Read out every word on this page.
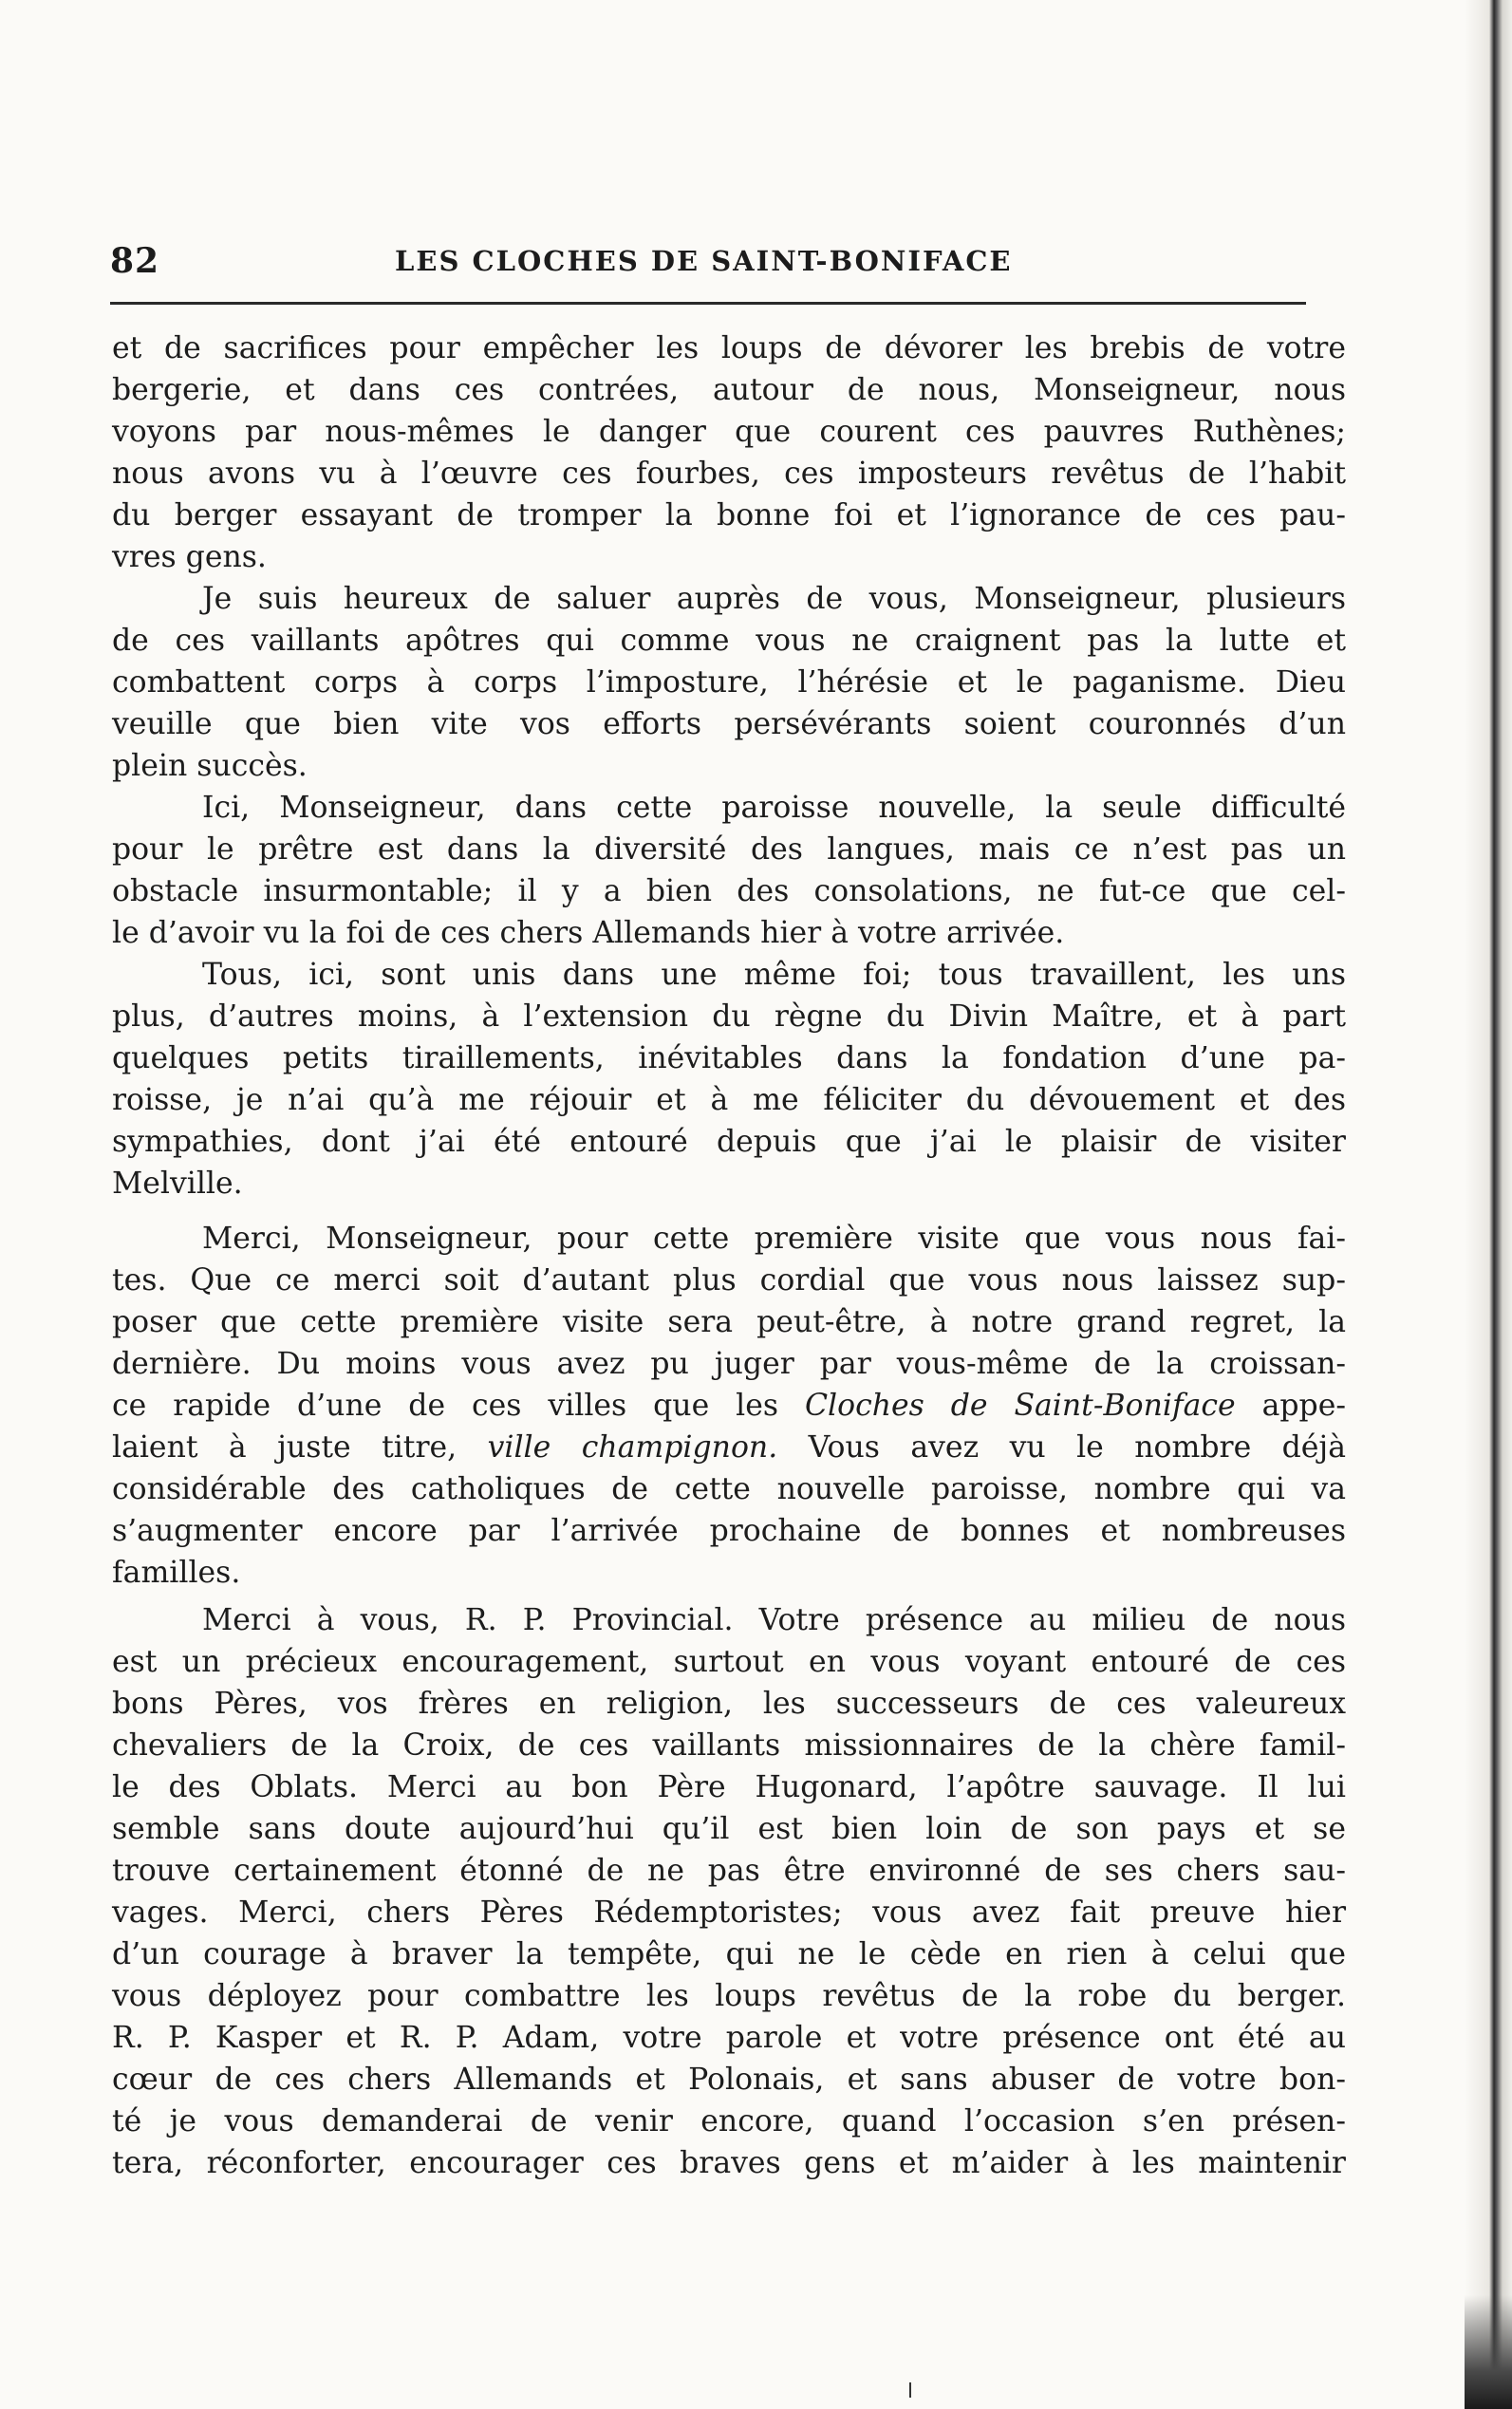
82	LES CLOCHES DE SAINT-BONIFACE
et de sacrifices pour empêcher les loups de dévorer les brebis de votre
bergerie, et dans ces contrées, autour de nous, Monseigneur, nous
voyons par nous-mêmes le danger que courent ces pauvres Ruthènes;
nous avons vu à l’œuvre ces fourbes, ces imposteurs revêtus de l’habit
du berger essayant de tromper la bonne foi et l’ignorance de ces pau-
vres gens.
Je suis heureux de saluer auprès de vous, Monseigneur, plusieurs
de ces vaillants apôtres qui comme vous ne craignent pas la lutte et
combattent corps à corps l’imposture, l’hérésie et le paganisme. Dieu
veuille que bien vite vos efforts persévérants soient couronnés d’un
plein succès.
Ici, Monseigneur, dans cette paroisse nouvelle, la seule difficulté
pour le prêtre est dans la diversité des langues, mais ce n’est pas un
obstacle insurmontable; il y a bien des consolations, ne fut-ce que cel-
le d’avoir vu la foi de ces chers Allemands hier à votre arrivée.
Tous, ici, sont unis dans une même foi; tous travaillent, les uns
plus, d’autres moins, à l’extension du règne du Divin Maître, et à part
quelques petits tiraillements, inévitables dans la fondation d’une pa-
roisse, je n’ai qu’à me réjouir et à me féliciter du dévouement et des
sympathies, dont j’ai été entouré depuis que j’ai le plaisir de visiter
Melville.
Merci, Monseigneur, pour cette première visite que vous nous fai-
tes. Que ce merci soit d’autant plus cordial que vous nous laissez sup-
poser que cette première visite sera peut-être, à notre grand regret, la
dernière. Du moins vous avez pu juger par vous-même de la croissan-
ce rapide d’une de ces villes que les Cloches de Saint-Boniface appe-
laient à juste titre, ville champignon. Vous avez vu le nombre déjà
considérable des catholiques de cette nouvelle paroisse, nombre qui va
s’augmenter encore par l’arrivée prochaine de bonnes et nombreuses
familles.
Merci à vous, R. P. Provincial. Votre présence au milieu de nous
est un précieux encouragement, surtout en vous voyant entouré de ces
bons Pères, vos frères en religion, les successeurs de ces valeureux
chevaliers de la Croix, de ces vaillants missionnaires de la chère famil-
le des Oblats. Merci au bon Père Hugonard, l’apôtre sauvage. Il lui
semble sans doute aujourd’hui qu’il est bien loin de son pays et se
trouve certainement étonné de ne pas être environné de ses chers sau-
vages. Merci, chers Pères Rédemptoristes; vous avez fait preuve hier
d’un courage à braver la tempête, qui ne le cède en rien à celui que
vous déployez pour combattre les loups revêtus de la robe du berger.
R. P. Kasper et R. P. Adam, votre parole et votre présence ont été au
cœur de ces chers Allemands et Polonais, et sans abuser de votre bon-
té je vous demanderai de venir encore, quand l’occasion s’en présen-
tera, réconforter, encourager ces braves gens et m’aider à les maintenir
